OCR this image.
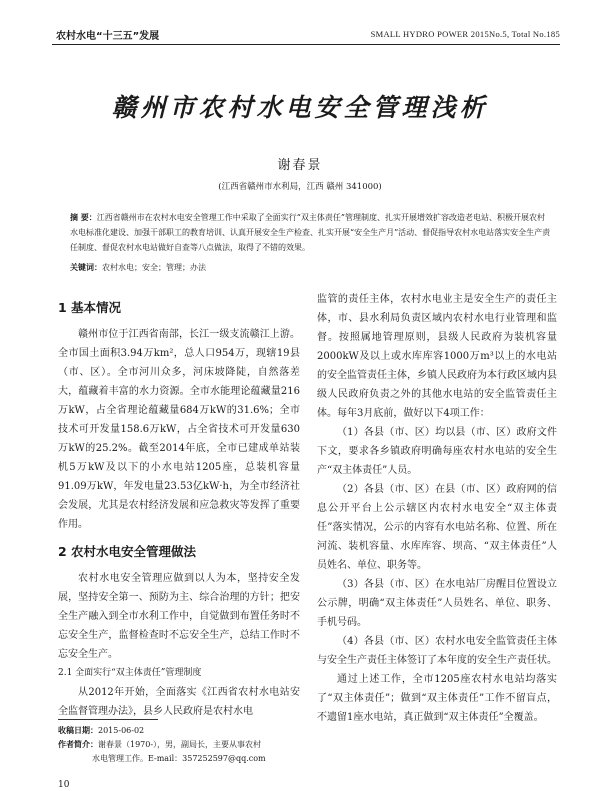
农村水电“十三五”发展	SMALL HYDRO POWER 2015No.5, Total No.185
赣州市农村水电安全管理浅析
谢春景
(江西省赣州市水利局，江西 赣州 341000)
摘 要：江西省赣州市在农村水电安全管理工作中采取了全面实行“双主体责任”管理制度、扎实开展增效扩容改造老电站、积极开展农村水电标准化建设、加强干部职工的教育培训、认真开展安全生产检查、扎实开展“安全生产月”活动、督促指导农村水电站落实安全生产责任制度、督促农村水电站做好自查等八点做法，取得了不错的效果。
关键词：农村水电；安全；管理；办法
1 基本情况

赣州市位于江西省南部，长江一级支流赣江上游。全市国土面积3.94万km²，总人口954万，现辖19县（市、区）。全市河川众多，河床坡降陡，自然落差大，蕴藏着丰富的水力资源。全市水能理论蕴藏量216万kW，占全省理论蕴藏量684万kW的31.6%；全市技术可开发量158.6万kW，占全省技术可开发量630万kW的25.2%。截至2014年底，全市已建成单站装机5万kW及以下的小水电站1205座，总装机容量91.09万kW，年发电量23.53亿kW·h，为全市经济社会发展，尤其是农村经济发展和应急救灾等发挥了重要作用。

2 农村水电安全管理做法

农村水电安全管理应做到以人为本，坚持安全发展，坚持安全第一、预防为主、综合治理的方针；把安全生产融入到全市水利工作中，自觉做到布置任务时不忘安全生产，监督检查时不忘安全生产，总结工作时不忘安全生产。

2.1 全面实行“双主体责任”管理制度

从2012年开始，全面落实《江西省农村水电站安全监督管理办法》，县乡人民政府是农村水电

监管的责任主体，农村水电业主是安全生产的责任主体，市、县水利局负责区域内农村水电行业管理和监督。按照属地管理原则，县级人民政府为装机容量2000kW及以上或水库库容1000万m³以上的水电站的安全监管责任主体，乡镇人民政府为本行政区域内县级人民政府负责之外的其他水电站的安全监管责任主体。每年3月底前，做好以下4项工作：

（1）各县（市、区）均以县（市、区）政府文件下文，要求各乡镇政府明确每座农村水电站的安全生产“双主体责任”人员。

（2）各县（市、区）在县（市、区）政府网的信息公开平台上公示辖区内农村水电安全“双主体责任”落实情况，公示的内容有水电站名称、位置、所在河流、装机容量、水库库容、坝高、“双主体责任”人员姓名、单位、职务等。

（3）各县（市、区）在水电站厂房醒目位置设立公示牌，明确“双主体责任”人员姓名、单位、职务、手机号码。

（4）各县（市、区）农村水电安全监管责任主体与安全生产责任主体签订了本年度的安全生产责任状。

通过上述工作，全市1205座农村水电站均落实了“双主体责任”；做到“双主体责任”工作不留盲点，不遗留1座水电站，真正做到“双主体责任”全覆盖。

收稿日期：2015-06-02
作者简介：谢春景（1970-），男，副局长，主要从事农村
水电管理工作。E-mail：357252597@qq.com
10
